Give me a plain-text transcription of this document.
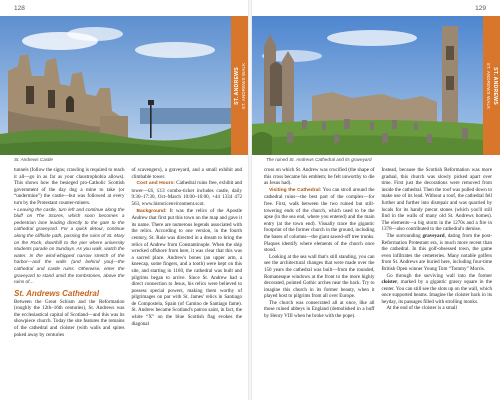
128
ST. ANDREWS ST. ANDREWS WALK
St. Andrews Castle

tunnels (follow the signs; crawling is required to reach it all—go in as far as your claustrophobia allows). This shows how the besieged pro-Catholic Scottish government of the day dug a mine to take (or “undermine”) the castle—but was followed at every turn by the Protestant counter-miners.

• Leaving the castle, turn left and continue along the bluff on The Scores, which soon becomes a pedestrian lane leading directly to the gate to the cathedral graveyard. For a quick detour, continue along the cliffside path, passing the ruins of St. Mary on the Rock, downhill to the pier where university students parade on Sundays. As you walk, watch the water. In the wind-whipped narrow stretch of the harbor—and the walls (and behind you)—the cathedral and castle ruins. Otherwise, enter the graveyard to stand amid the tombstones, above the ruins of…

St. Andrews Cathedral

Between the Great Schism and the Reformation (roughly the 12th–16th centuries), St. Andrews was the ecclesiastical capital of Scotland—and this was its showpiece church. Today the site features the remains of the cathedral and cloister (with walls and spires poked away by centuries

of scavengers), a graveyard, and a small exhibit and climbable tower.

Cost and Hours: Cathedral ruins free, exhibit and tower—£6, £13 combo-ticket includes castle, daily 9:30–17:30, Oct–March 10:00–16:00, +44 1334 472 563, www.historicenvironment.scot.

Background: It was the relics of the Apostle Andrew that first put this town on the map and gave it its name. There are numerous legends associated with the relics. According to one version, in the fourth century, St. Rule was directed in a dream to bring the relics of Andrew from Constantinople. When the ship wrecked offshore from here, it was clear that this was a sacred place. Andrew's bones (an upper arm, a kneecap, some fingers, and a tooth) were kept on this site, and starting in 1160, the cathedral was built and pilgrims began to arrive. Since St. Andrew had a direct connection to Jesus, his relics were believed to possess special powers, making them worthy of pilgrimages on par with St. James' relics in Santiago de Compostela, Spain (of Camino de Santiago fame). St. Andrew became Scotland's patron saint, in fact, the white “X” on the blue Scottish flag evokes the diagonal

129
ST. ANDREWS
ST. ANDREWS WALK
The ruined St. Andrews Cathedral and its graveyard

cross on which St. Andrew was crucified (the shape of this cross became his emblem; he felt unworthy to die as Jesus had).

Visiting the Cathedral: You can stroll around the cathedral ruins—the best part of the complex—for free. First, walk between the two ruined but still-towering ends of the church, which used to be the apse (in the sea end, where you entered) and the main entry (at the town end). Visually trace the gigantic footprint of the former church in the ground, including the bases of columns—the giant sawed-off tree trunks. Plaques identify where elements of the church once stood.

Looking at the sea wall that's still standing, you can see the architectural changes that were made over the 150 years the cathedral was built—from the rounded, Romanesque windows at the front to the more highly decorated, pointed Gothic arches near the back. Try to imagine this church in its former beauty, when it played host to pilgrims from all over Europe.

The church was consecrated all at once, like all those ruined abbeys in England (demolished in a huff by Henry VIII when he broke with the pope).

Instead, because the Scottish Reformation was more gradual, this church was slowly picked apart over time. First just the decorations were removed from inside the cathedral. Then the roof was pulled down to make use of its lead. Without a roof, the cathedral fell further and further into disrepair and was quarried by locals for its handy precut stones (which you'll still find in the walls of many old St. Andrews homes). The elements—a big storm in the 1270s and a fire in 1378—also contributed to the cathedral's demise.

The surrounding graveyard, dating from the post-Reformation Protestant era, is much more recent than the cathedral. In this golf-obsessed town, the game even infiltrates the cemeteries. Many notable golfers from St. Andrews are buried here, including four-time British Open winner Young Tom “Tommy” Morris.

Go through the surviving wall into the former cloister, marked by a gigantic grassy square in the center. You can still see the slots up on the wall, which once supported beams. Imagine the cloister back in its heyday, its passages filled with strolling monks.

At the end of the cloister is a small
